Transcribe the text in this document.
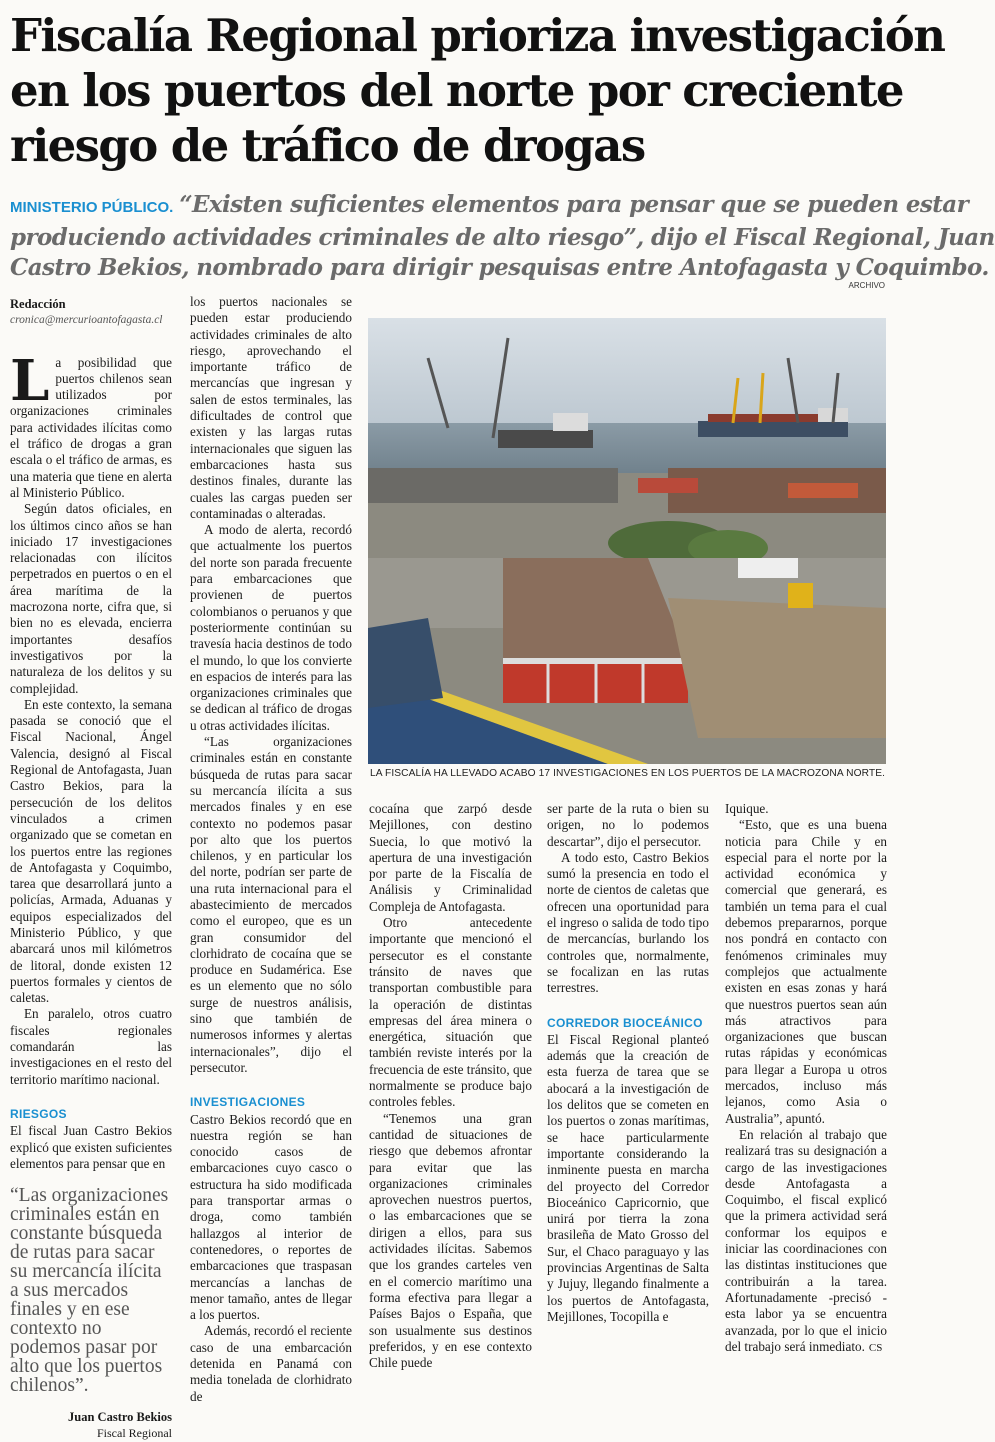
Fiscalía Regional prioriza investigación
en los puertos del norte por creciente
riesgo de tráfico de drogas
MINISTERIO PÚBLICO. “Existen suficientes elementos para pensar que se pueden estar
produciendo actividades criminales de alto riesgo”, dijo el Fiscal Regional, Juan
Castro Bekios, nombrado para dirigir pesquisas entre Antofagasta y Coquimbo.
ARCHIVO
Redacción
cronica@mercurioantofagasta.cl

La posibilidad que puertos chilenos sean utilizados por organizaciones criminales para actividades ilícitas como el tráfico de drogas a gran escala o el tráfico de armas, es una materia que tiene en alerta al Ministerio Público.

Según datos oficiales, en los últimos cinco años se han iniciado 17 investigaciones relacionadas con ilícitos perpetrados en puertos o en el área marítima de la macrozona norte, cifra que, si bien no es elevada, encierra importantes desafíos investigativos por la naturaleza de los delitos y su complejidad.

En este contexto, la semana pasada se conoció que el Fiscal Nacional, Ángel Valencia, designó al Fiscal Regional de Antofagasta, Juan Castro Bekios, para la persecución de los delitos vinculados a crimen organizado que se cometan en los puertos entre las regiones de Antofagasta y Coquimbo, tarea que desarrollará junto a policías, Armada, Aduanas y equipos especializados del Ministerio Público, y que abarcará unos mil kilómetros de litoral, donde existen 12 puertos formales y cientos de caletas.

En paralelo, otros cuatro fiscales regionales comandarán las investigaciones en el resto del territorio marítimo nacional.

RIESGOS

El fiscal Juan Castro Bekios explicó que existen suficientes elementos para pensar que en

“Las organizaciones criminales están en constante búsqueda de rutas para sacar su mercancía ilícita a sus mercados finales y en ese contexto no podemos pasar por alto que los puertos chilenos”.
Juan Castro Bekios
Fiscal Regional

los puertos nacionales se pueden estar produciendo actividades criminales de alto riesgo, aprovechando el importante tráfico de mercancías que ingresan y salen de estos terminales, las dificultades de control que existen y las largas rutas internacionales que siguen las embarcaciones hasta sus destinos finales, durante las cuales las cargas pueden ser contaminadas o alteradas.

A modo de alerta, recordó que actualmente los puertos del norte son parada frecuente para embarcaciones que provienen de puertos colombianos o peruanos y que posteriormente continúan su travesía hacia destinos de todo el mundo, lo que los convierte en espacios de interés para las organizaciones criminales que se dedican al tráfico de drogas u otras actividades ilícitas.

“Las organizaciones criminales están en constante búsqueda de rutas para sacar su mercancía ilícita a sus mercados finales y en ese contexto no podemos pasar por alto que los puertos chilenos, y en particular los del norte, podrían ser parte de una ruta internacional para el abastecimiento de mercados como el europeo, que es un gran consumidor del clorhidrato de cocaína que se produce en Sudamérica. Ese es un elemento que no sólo surge de nuestros análisis, sino que también de numerosos informes y alertas internacionales”, dijo el persecutor.

INVESTIGACIONES

Castro Bekios recordó que en nuestra región se han conocido casos de embarcaciones cuyo casco o estructura ha sido modificada para transportar armas o droga, como también hallazgos al interior de contenedores, o reportes de embarcaciones que traspasan mercancías a lanchas de menor tamaño, antes de llegar a los puertos.

Además, recordó el reciente caso de una embarcación detenida en Panamá con media tonelada de clorhidrato de

LA FISCALÍA HA LLEVADO ACABO 17 INVESTIGACIONES EN LOS PUERTOS DE LA MACROZONA NORTE.

cocaína que zarpó desde Mejillones, con destino Suecia, lo que motivó la apertura de una investigación por parte de la Fiscalía de Análisis y Criminalidad Compleja de Antofagasta.

Otro antecedente importante que mencionó el persecutor es el constante tránsito de naves que transportan combustible para la operación de distintas empresas del área minera o energética, situación que también reviste interés por la frecuencia de este tránsito, que normalmente se produce bajo controles febles.

“Tenemos una gran cantidad de situaciones de riesgo que debemos afrontar para evitar que las organizaciones criminales aprovechen nuestros puertos, o las embarcaciones que se dirigen a ellos, para sus actividades ilícitas. Sabemos que los grandes carteles ven en el comercio marítimo una forma efectiva para llegar a Países Bajos o España, que son usualmente sus destinos preferidos, y en ese contexto Chile puede

ser parte de la ruta o bien su origen, no lo podemos descartar”, dijo el persecutor.

A todo esto, Castro Bekios sumó la presencia en todo el norte de cientos de caletas que ofrecen una oportunidad para el ingreso o salida de todo tipo de mercancías, burlando los controles que, normalmente, se focalizan en las rutas terrestres.

CORREDOR BIOCEÁNICO

El Fiscal Regional planteó además que la creación de esta fuerza de tarea que se abocará a la investigación de los delitos que se cometen en los puertos o zonas marítimas, se hace particularmente importante considerando la inminente puesta en marcha del proyecto del Corredor Bioceánico Capricornio, que unirá por tierra la zona brasileña de Mato Grosso del Sur, el Chaco paraguayo y las provincias Argentinas de Salta y Jujuy, llegando finalmente a los puertos de Antofagasta, Mejillones, Tocopilla e

Iquique.

“Esto, que es una buena noticia para Chile y en especial para el norte por la actividad económica y comercial que generará, es también un tema para el cual debemos prepararnos, porque nos pondrá en contacto con fenómenos criminales muy complejos que actualmente existen en esas zonas y hará que nuestros puertos sean aún más atractivos para organizaciones que buscan rutas rápidas y económicas para llegar a Europa u otros mercados, incluso más lejanos, como Asia o Australia”, apuntó.

En relación al trabajo que realizará tras su designación a cargo de las investigaciones desde Antofagasta a Coquimbo, el fiscal explicó que la primera actividad será conformar los equipos e iniciar las coordinaciones con las distintas instituciones que contribuirán a la tarea. Afortunadamente -precisó - esta labor ya se encuentra avanzada, por lo que el inicio del trabajo será inmediato. CS
